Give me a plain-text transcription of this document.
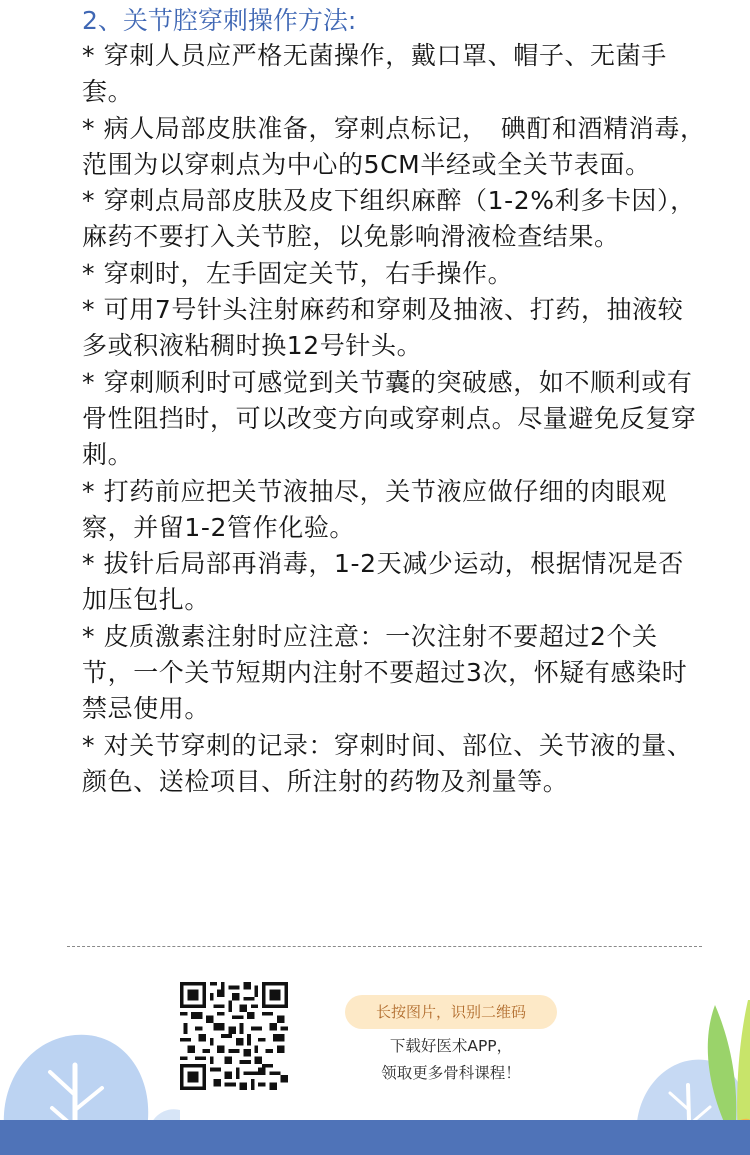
2、关节腔穿刺操作方法:
* 穿刺人员应严格无菌操作，戴口罩、帽子、无菌手套。
* 病人局部皮肤准备，穿刺点标记，　碘酊和酒精消毒，范围为以穿刺点为中心的5CM半经或全关节表面。
* 穿刺点局部皮肤及皮下组织麻醉（1-2%利多卡因），麻药不要打入关节腔，以免影响滑液检查结果。
* 穿刺时，左手固定关节，右手操作。
* 可用7号针头注射麻药和穿刺及抽液、打药，抽液较多或积液粘稠时换12号针头。
* 穿刺顺利时可感觉到关节囊的突破感，如不顺利或有骨性阻挡时，可以改变方向或穿刺点。尽量避免反复穿刺。
* 打药前应把关节液抽尽，关节液应做仔细的肉眼观察，并留1-2管作化验。
* 拔针后局部再消毒，1-2天减少运动，根据情况是否加压包扎。
* 皮质激素注射时应注意：一次注射不要超过2个关节，一个关节短期内注射不要超过3次，怀疑有感染时禁忌使用。
* 对关节穿刺的记录：穿刺时间、部位、关节液的量、颜色、送检项目、所注射的药物及剂量等。
长按图片，识别二维码
下载好医术APP，
领取更多骨科课程！
